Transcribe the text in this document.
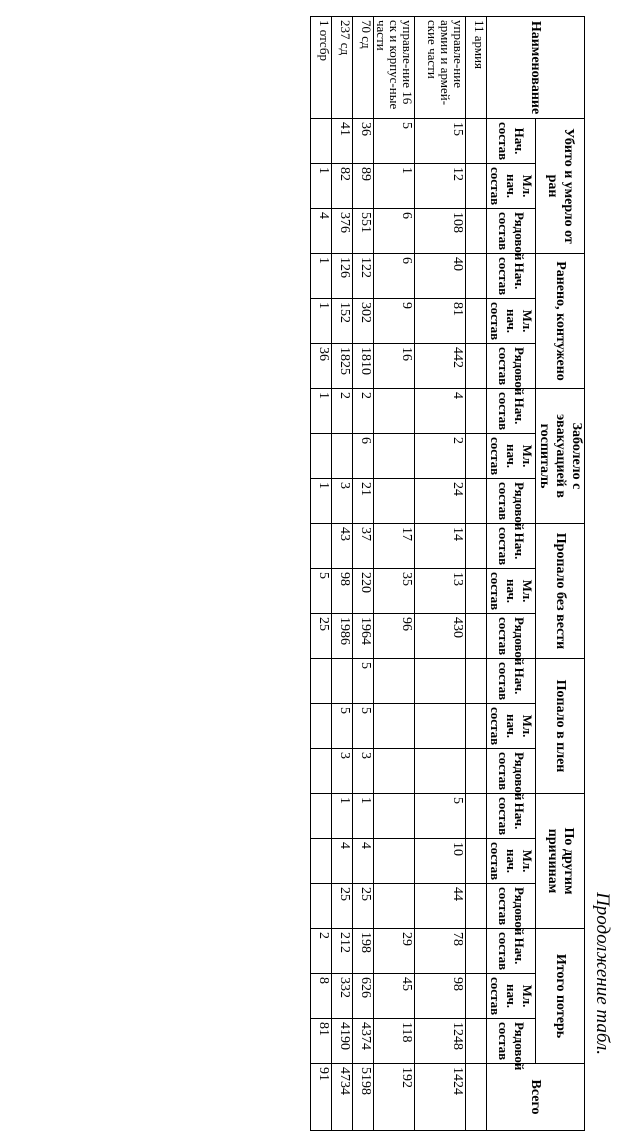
Продолжение табл.
Наименование	Убито и умерло от ран			Ранено, контужено			Заболело с эвакуацией в госпиталь			Пропало без вести			Попало в плен			По другим причинам			Итого потерь			Всего
	Нач. состав	Мл. нач. состав	Рядовой состав	Нач. состав	Мл. нач. состав	Рядовой состав	Нач. состав	Мл. нач. состав	Рядовой состав	Нач. состав	Мл. нач. состав	Рядовой состав	Нач. состав	Мл. нач. состав	Рядовой состав	Нач. состав	Мл. нач. состав	Рядовой состав	Нач. состав	Мл. нач. состав	Рядовой состав	
11 армия																						
управле-ние армии и армей-ские части	15	12	108	40	81	442	4	2	24	14	13	430				5	10	44	78	98	1248	1424
управле-ние 16 ск и корпус-ные части	5	1	6	6	9	16				17	35	96							29	45	118	192
70 сд	36	89	551	122	302	1810	2	6	21	37	220	1964	5	5	3	1	4	25	198	626	4374	5198
237 сд	41	82	376	126	152	1825	2		3	43	98	1986		5	3	1	4	25	212	332	4190	4734
1 отсбр		1	4	1	1	36	1		1		5	25							2	8	81	91
